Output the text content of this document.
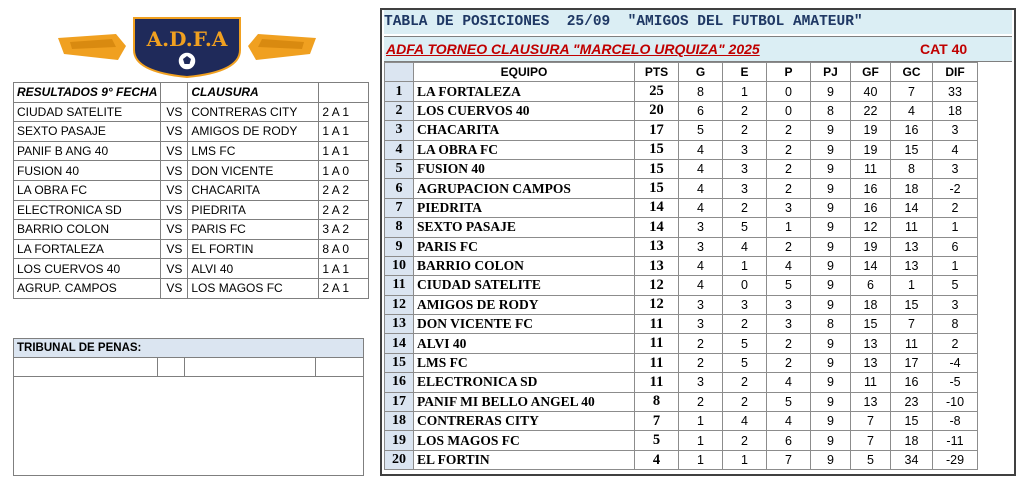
A.D.F.A
RESULTADOS 9° FECHA		CLAUSURA	
CIUDAD SATELITE	VS	CONTRERAS CITY	2 A 1
SEXTO PASAJE	VS	AMIGOS DE RODY	1 A 1
PANIF B ANG 40	VS	LMS FC	1 A 1
FUSION 40	VS	DON VICENTE	1 A 0
LA OBRA FC	VS	CHACARITA	2 A 2
ELECTRONICA SD	VS	PIEDRITA	2 A 2
BARRIO COLON	VS	PARIS FC	3 A 2
LA FORTALEZA	VS	EL FORTIN	8 A 0
LOS CUERVOS 40	VS	ALVI 40	1 A 1
AGRUP. CAMPOS	VS	LOS MAGOS FC	2 A 1
TRIBUNAL DE PENAS:
TABLA DE POSICIONES  25/09 "AMIGOS DEL FUTBOL AMATEUR"
ADFA TORNEO CLAUSURA "MARCELO URQUIZA" 2025	CAT 40
	EQUIPO	PTS	G	E	P	PJ	GF	GC	DIF
1	LA FORTALEZA	25	8	1	0	9	40	7	33
2	LOS CUERVOS 40	20	6	2	0	8	22	4	18
3	CHACARITA	17	5	2	2	9	19	16	3
4	LA OBRA FC	15	4	3	2	9	19	15	4
5	FUSION 40	15	4	3	2	9	11	8	3
6	AGRUPACION CAMPOS	15	4	3	2	9	16	18	-2
7	PIEDRITA	14	4	2	3	9	16	14	2
8	SEXTO PASAJE	14	3	5	1	9	12	11	1
9	PARIS FC	13	3	4	2	9	19	13	6
10	BARRIO COLON	13	4	1	4	9	14	13	1
11	CIUDAD SATELITE	12	4	0	5	9	6	1	5
12	AMIGOS DE RODY	12	3	3	3	9	18	15	3
13	DON VICENTE FC	11	3	2	3	8	15	7	8
14	ALVI 40	11	2	5	2	9	13	11	2
15	LMS FC	11	2	5	2	9	13	17	-4
16	ELECTRONICA SD	11	3	2	4	9	11	16	-5
17	PANIF MI BELLO ANGEL 40	8	2	2	5	9	13	23	-10
18	CONTRERAS CITY	7	1	4	4	9	7	15	-8
19	LOS MAGOS FC	5	1	2	6	9	7	18	-11
20	EL FORTIN	4	1	1	7	9	5	34	-29
